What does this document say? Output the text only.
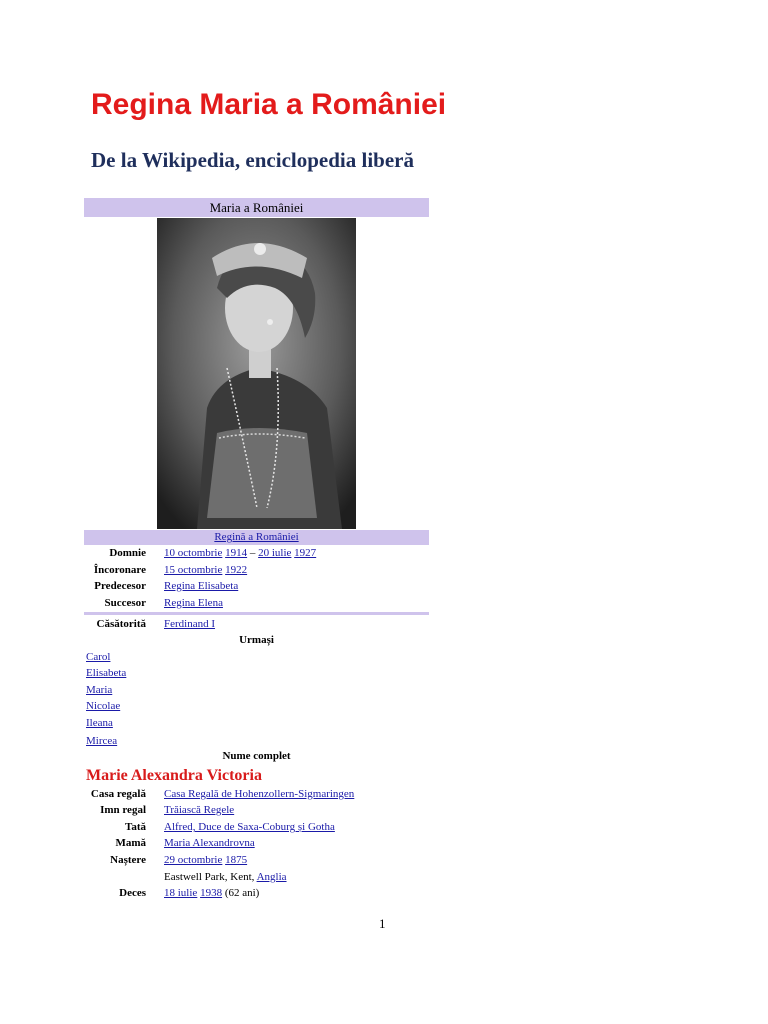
Regina Maria a României
De la Wikipedia, enciclopedia liberă
Maria a României
Regină a României
Domnie 10 octombrie 1914 – 20 iulie 1927
Încoronare 15 octombrie 1922
Predecesor Regina Elisabeta
Succesor Regina Elena
Căsătorită Ferdinand I
Urmași
Carol
Elisabeta
Maria
Nicolae
Ileana
Mircea
Nume complet
Marie Alexandra Victoria
Casa regală Casa Regală de Hohenzollern-Sigmaringen
Imn regal Trăiască Regele
Tată Alfred, Duce de Saxa-Coburg și Gotha
Mamă Maria Alexandrovna
Naștere 29 octombrie 1875
Eastwell Park, Kent, Anglia
Deces 18 iulie 1938 (62 ani)
1
